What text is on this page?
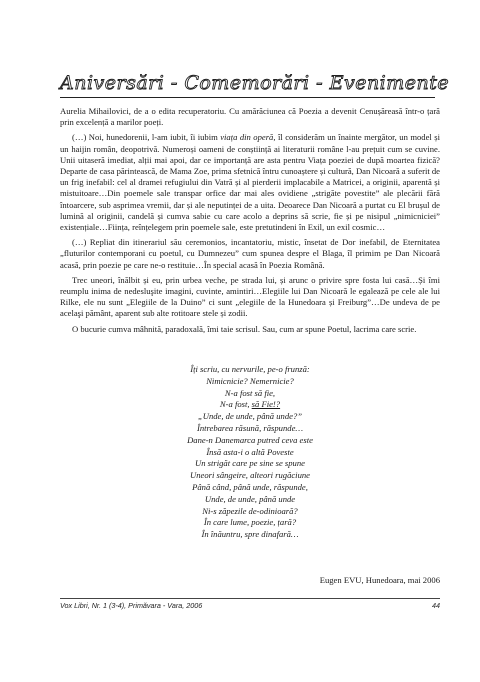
Aniversări - Comemorări - Evenimente

Aurelia Mihailovici, de a o edita recuperatoriu. Cu amărăciunea că Poezia a devenit Cenușăreasă într-o țară prin excelență a marilor poeți.

(…) Noi, hunedorenii, l-am iubit, îi iubim viața din operă, îl considerăm un înainte mergător, un model și un haijin român, deopotrivă. Numeroși oameni de conștiință ai literaturii române l-au prețuit cum se cuvine. Unii uitaseră imediat, alții mai apoi, dar ce importanță are asta pentru Viața poeziei de după moartea fizică? Departe de casa părintească, de Mama Zoe, prima sfetnică întru cunoaștere și cultură, Dan Nicoară a suferit de un frig inefabil: cel al dramei refugiului din Vatră și al pierderii implacabile a Matricei, a originii, aparentă și mistuitoare…Din poemele sale transpar orfice dar mai ales ovidiene „strigăte povestite” ale plecării fără întoarcere, sub asprimea vremii, dar și ale neputinței de a uita. Deoarece Dan Nicoară a purtat cu El brușul de lumină al originii, candelă și cumva sabie cu care acolo a deprins să scrie, fie și pe nisipul „nimicniciei” existențiale…Ființa, reînțelegem prin poemele sale, este pretutindeni în Exil, un exil cosmic…

(…) Repliat din itinerariul său ceremonios, incantatoriu, mistic, însetat de Dor inefabil, de Eternitatea „fluturilor contemporani cu poetul, cu Dumnezeu” cum spunea despre el Blaga, îl primim pe Dan Nicoară acasă, prin poezie pe care ne-o restituie…În special acasă în Poezia Română.

Trec uneori, înălbit și eu, prin urbea veche, pe strada lui, și arunc o privire spre fosta lui casă…Și îmi reumplu inima de nedesluşite imagini, cuvinte, amintiri…Elegiile lui Dan Nicoară le egalează pe cele ale lui Rilke, ele nu sunt „Elegiile de la Duino” ci sunt „elegiile de la Hunedoara și Freiburg”…De undeva de pe acelaşi pământ, aparent sub alte rotitoare stele și zodii.

O bucurie cumva mâhnită, paradoxală, îmi taie scrisul. Sau, cum ar spune Poetul, lacrima care scrie.

Îți scriu, cu nervurile, pe-o frunză:
Nimicnicie? Nemernicie?
N-a fost să fie,
N-a fost, să Fie!?
„Unde, de unde, până unde?”
Întrebarea răsună, răspunde…
Dane-n Danemarca putred ceva este
Însă asta-i o altă Poveste
Un strigăt care pe sine se spune
Uneori sângeire, alteori rugăciune
Până când, până unde, răspunde,
Unde, de unde, până unde
Ni-s zăpezile de-odinioară?
În care lume, poezie, țară?
În înăuntru, spre dinafară…
Eugen EVU, Hunedoara, mai 2006
Vox Libri, Nr. 1 (3-4), Primăvara - Vara, 2006	44
